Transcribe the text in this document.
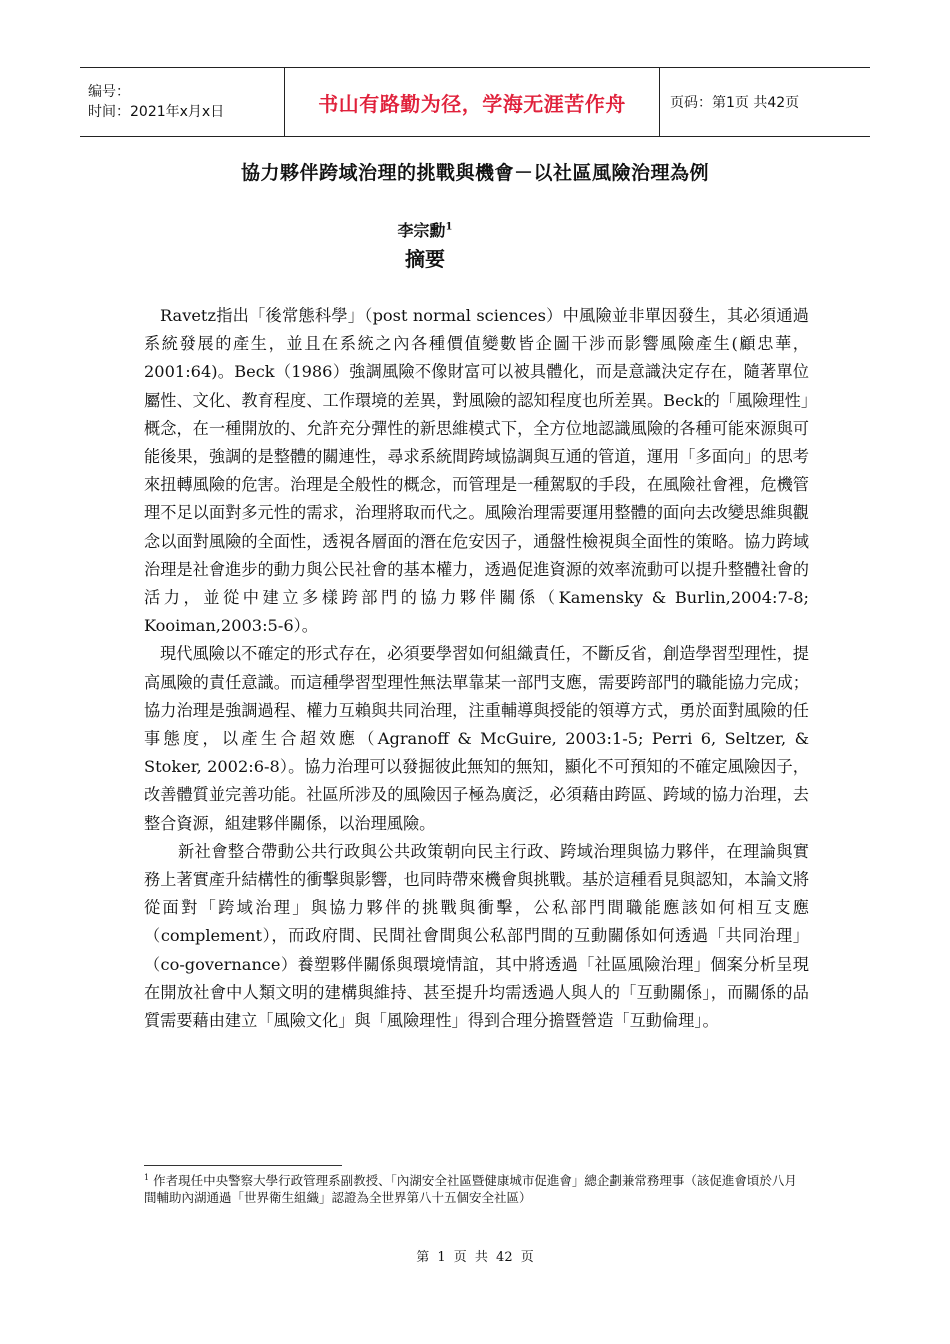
编号：
时间：2021年x月x日	书山有路勤为径，学海无涯苦作舟	页码：第1页 共42页
協力夥伴跨域治理的挑戰與機會－以社區風險治理為例
李宗勳$^1$
摘要

Ravetz指出「後常態科學」（post normal sciences）中風險並非單因發生，其必須通過系統發展的產生，並且在系統之內各種價值變數皆企圖干涉而影響風險產生(顧忠華，2001:64)。Beck（1986）強調風險不像財富可以被具體化，而是意識決定存在，隨著單位屬性、文化、教育程度、工作環境的差異，對風險的認知程度也所差異。Beck的「風險理性」概念，在一種開放的、允許充分彈性的新思維模式下，全方位地認識風險的各種可能來源與可能後果，強調的是整體的關連性，尋求系統間跨域協調與互通的管道，運用「多面向」的思考來扭轉風險的危害。治理是全般性的概念，而管理是一種駕馭的手段，在風險社會裡，危機管理不足以面對多元性的需求，治理將取而代之。風險治理需要運用整體的面向去改變思維與觀念以面對風險的全面性，透視各層面的潛在危安因子，通盤性檢視與全面性的策略。協力跨域治理是社會進步的動力與公民社會的基本權力，透過促進資源的效率流動可以提升整體社會的活力，並從中建立多樣跨部門的協力夥伴關係（Kamensky & Burlin,2004:7-8; Kooiman,2003:5-6）。

現代風險以不確定的形式存在，必須要學習如何組織責任，不斷反省，創造學習型理性，提高風險的責任意識。而這種學習型理性無法單靠某一部門支應，需要跨部門的職能協力完成；協力治理是強調過程、權力互賴與共同治理，注重輔導與授能的領導方式，勇於面對風險的任事態度，以產生合超效應（Agranoff & McGuire, 2003:1-5; Perri 6, Seltzer, & Stoker, 2002:6-8）。協力治理可以發掘彼此無知的無知，顯化不可預知的不確定風險因子，改善體質並完善功能。社區所涉及的風險因子極為廣泛，必須藉由跨區、跨域的協力治理，去整合資源，組建夥伴關係，以治理風險。

新社會整合帶動公共行政與公共政策朝向民主行政、跨域治理與協力夥伴，在理論與實務上著實產升結構性的衝擊與影響，也同時帶來機會與挑戰。基於這種看見與認知，本論文將從面對「跨域治理」與協力夥伴的挑戰與衝擊，公私部門間職能應該如何相互支應（complement），而政府間、民間社會間與公私部門間的互動關係如何透過「共同治理」（co-governance）養塑夥伴關係與環境情誼，其中將透過「社區風險治理」個案分析呈現在開放社會中人類文明的建構與維持、甚至提升均需透過人與人的「互動關係」，而關係的品質需要藉由建立「風險文化」與「風險理性」得到合理分擔暨營造「互動倫理」。

$^1$ 作者現任中央警察大學行政管理系副教授、「內湖安全社區暨健康城市促進會」總企劃兼常務理事（該促進會頃於八月間輔助內湖通過「世界衛生組織」認證為全世界第八十五個安全社區）
第 1 页 共 42 页
